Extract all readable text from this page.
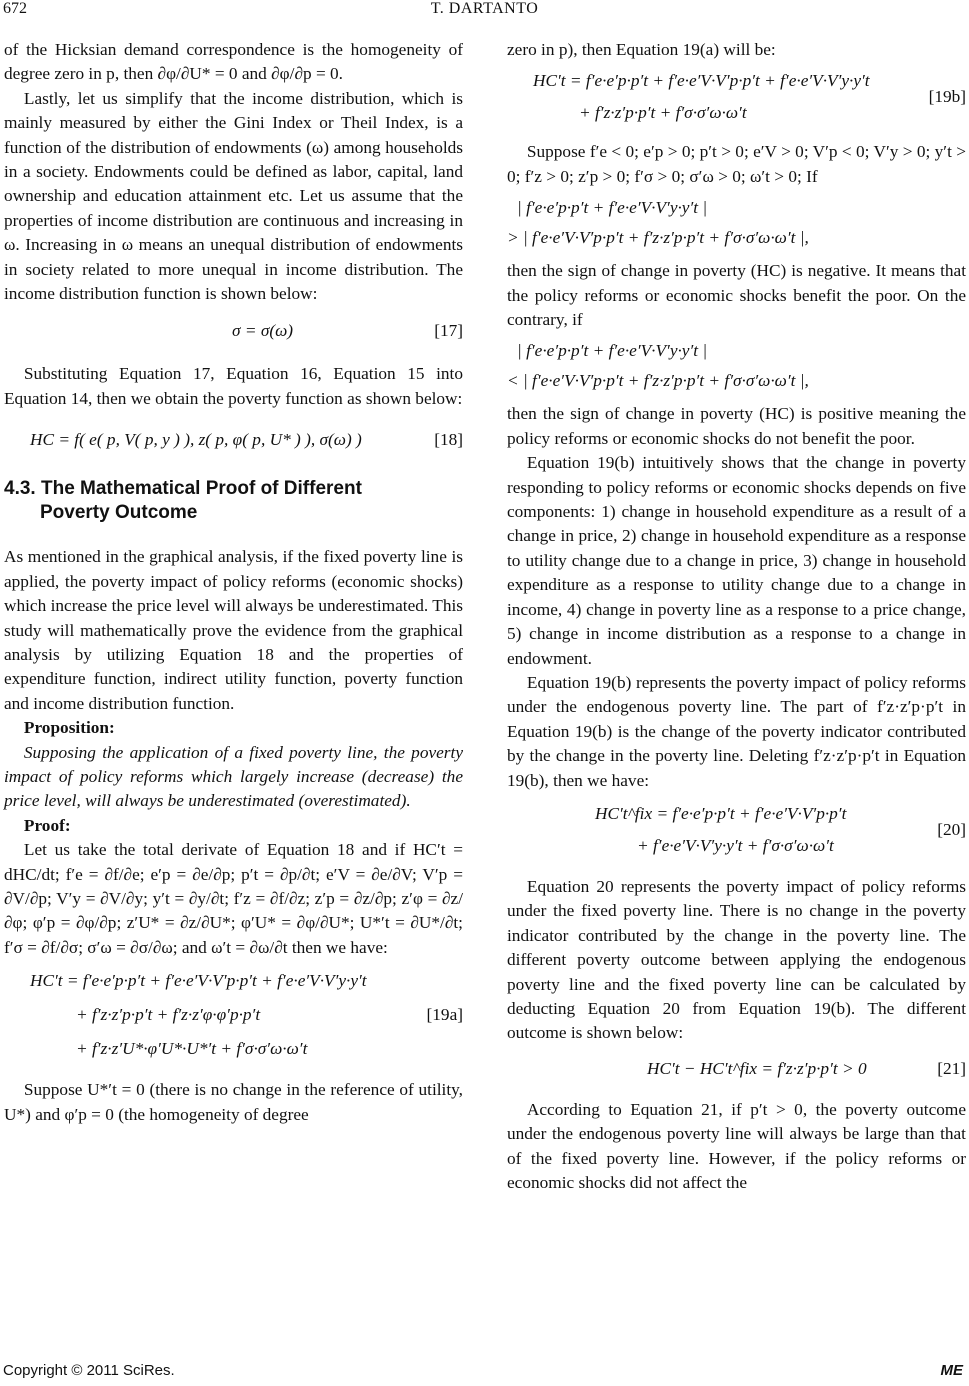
672	T. DARTANTO

of the Hicksian demand correspondence is the homogeneity of degree zero in p, then ∂φ/∂U* = 0 and ∂φ/∂p = 0.

Lastly, let us simplify that the income distribution, which is mainly measured by either the Gini Index or Theil Index, is a function of the distribution of endowments (ω) among households in a society. Endowments could be defined as labor, capital, land ownership and education attainment etc. Let us assume that the properties of income distribution are continuous and increasing in ω. Increasing in ω means an unequal distribution of endowments in society related to more unequal in income distribution. The income distribution function is shown below:

σ = σ(ω)	[17]

Substituting Equation 17, Equation 16, Equation 15 into Equation 14, then we obtain the poverty function as shown below:

HC = f( e( p, V( p, y ) ), z( p, φ( p, U* ) ), σ(ω) )	[18]
4.3. The Mathematical Proof of Different
Poverty Outcome

As mentioned in the graphical analysis, if the fixed poverty line is applied, the poverty impact of policy reforms (economic shocks) which increase the price level will always be underestimated. This study will mathematically prove the evidence from the graphical analysis by utilizing Equation 18 and the properties of expenditure function, indirect utility function, poverty function and income distribution function.

Proposition:

Supposing the application of a fixed poverty line, the poverty impact of policy reforms which largely increase (decrease) the price level, will always be underestimated (overestimated).

Proof:

Let us take the total derivate of Equation 18 and if HC′t = dHC/dt; f′e = ∂f/∂e; e′p = ∂e/∂p; p′t = ∂p/∂t; e′V = ∂e/∂V; V′p = ∂V/∂p; V′y = ∂V/∂y; y′t = ∂y/∂t; f′z = ∂f/∂z; z′p = ∂z/∂p; z′φ = ∂z/∂φ; φ′p = ∂φ/∂p; z′U* = ∂z/∂U*; φ′U* = ∂φ/∂U*; U*′t = ∂U*/∂t; f′σ = ∂f/∂σ; σ′ω = ∂σ/∂ω; and ω′t = ∂ω/∂t then we have:

HC′t = f′e·e′p·p′t + f′e·e′V·V′p·p′t + f′e·e′V·V′y·y′t
+ f′z·z′p·p′t + f′z·z′φ·φ′p·p′t
+ f′z·z′U*·φ′U*·U*′t + f′σ·σ′ω·ω′t
[19a]

Suppose U*′t = 0 (there is no change in the reference of utility, U*) and φ′p = 0 (the homogeneity of degree

zero in p), then Equation 19(a) will be:

HC′t = f′e·e′p·p′t + f′e·e′V·V′p·p′t + f′e·e′V·V′y·y′t
+ f′z·z′p·p′t + f′σ·σ′ω·ω′t
[19b]

Suppose f′e < 0; e′p > 0; p′t > 0; e′V > 0; V′p < 0; V′y > 0; y′t > 0; f′z > 0; z′p > 0; f′σ > 0; σ′ω > 0; ω′t > 0; If

| f′e·e′p·p′t + f′e·e′V·V′y·y′t |
> | f′e·e′V·V′p·p′t + f′z·z′p·p′t + f′σ·σ′ω·ω′t |,

then the sign of change in poverty (HC) is negative. It means that the policy reforms or economic shocks benefit the poor. On the contrary, if

| f′e·e′p·p′t + f′e·e′V·V′y·y′t |
< | f′e·e′V·V′p·p′t + f′z·z′p·p′t + f′σ·σ′ω·ω′t |,

then the sign of change in poverty (HC) is positive meaning the policy reforms or economic shocks do not benefit the poor.

Equation 19(b) intuitively shows that the change in poverty responding to policy reforms or economic shocks depends on five components: 1) change in household expenditure as a result of a change in price, 2) change in household expenditure as a response to utility change due to a change in price, 3) change in household expenditure as a response to utility change due to a change in income, 4) change in poverty line as a response to a price change, 5) change in income distribution as a response to a change in endowment.

Equation 19(b) represents the poverty impact of policy reforms under the endogenous poverty line. The part of f′z·z′p·p′t in Equation 19(b) is the change of the poverty indicator contributed by the change in the poverty line. Deleting f′z·z′p·p′t in Equation 19(b), then we have:

HC′t^fix = f′e·e′p·p′t + f′e·e′V·V′p·p′t
+ f′e·e′V·V′y·y′t + f′σ·σ′ω·ω′t
[20]

Equation 20 represents the poverty impact of policy reforms under the fixed poverty line. There is no change in the poverty indicator contributed by the change in the poverty line. The different poverty outcome between applying the endogenous poverty line and the fixed poverty line can be calculated by deducting Equation 20 from Equation 19(b). The different outcome is shown below:

HC′t − HC′t^fix = f′z·z′p·p′t > 0	[21]

According to Equation 21, if p′t > 0, the poverty outcome under the endogenous poverty line will always be large than that of the fixed poverty line. However, if the policy reforms or economic shocks did not affect the

Copyright © 2011 SciRes.	ME
